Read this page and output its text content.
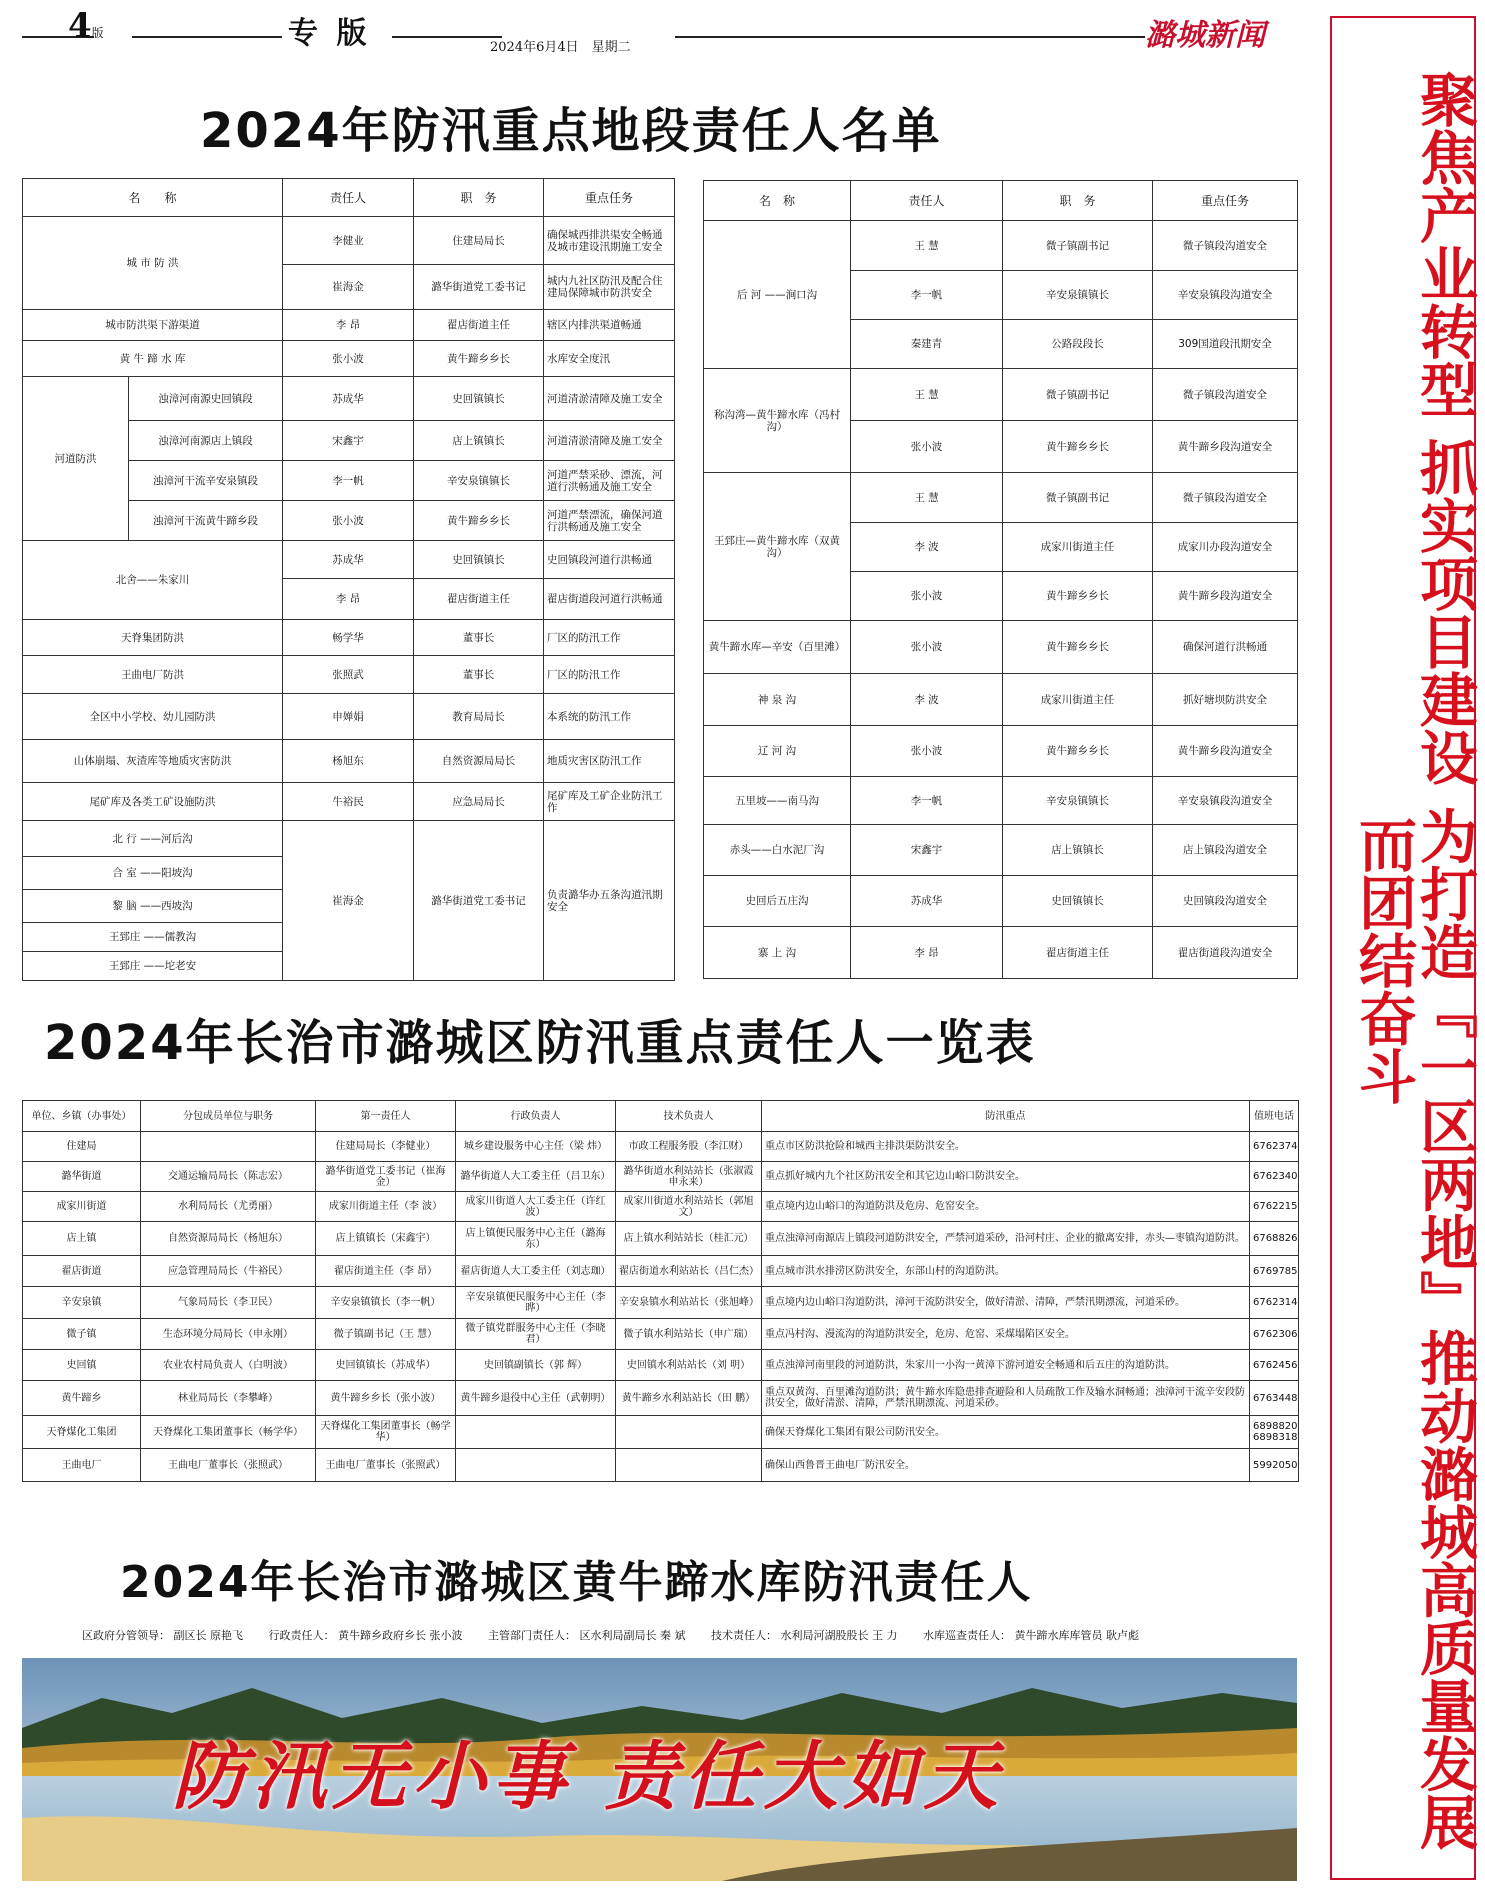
4版	专 版	2024年6月4日　星期二	潞城新闻
聚焦产业转型 抓实项目建设 为打造『一区两地』推动潞城高质量发展而团结奋斗
2024年防汛重点地段责任人名单
2024年长治市潞城区防汛重点责任人一览表
2024年长治市潞城区黄牛蹄水库防汛责任人
名　　称		责任人	职　务	重点任务
城 市 防 洪		李健业	住建局局长	确保城西排洪渠安全畅通及城市建设汛期施工安全
		崔海金	潞华街道党工委书记	城内九社区防汛及配合住建局保障城市防洪安全
城市防洪渠下游渠道		李 昂	翟店街道主任	辖区内排洪渠道畅通
黄 牛 蹄 水 库		张小波	黄牛蹄乡乡长	水库安全度汛
河道防洪	浊漳河南源史回镇段	苏成华	史回镇镇长	河道清淤清障及施工安全
	浊漳河南源店上镇段	宋鑫宇	店上镇镇长	河道清淤清障及施工安全
	浊漳河干流辛安泉镇段	李一帆	辛安泉镇镇长	河道严禁采砂、漂流，河道行洪畅通及施工安全
	浊漳河干流黄牛蹄乡段	张小波	黄牛蹄乡乡长	河道严禁漂流，确保河道行洪畅通及施工安全
北舍——朱家川		苏成华	史回镇镇长	史回镇段河道行洪畅通
		李 昂	翟店街道主任	翟店街道段河道行洪畅通
天脊集团防洪		畅学华	董事长	厂区的防汛工作
王曲电厂防洪		张照武	董事长	厂区的防汛工作
全区中小学校、幼儿园防洪		申婵娟	教育局局长	本系统的防汛工作
山体崩塌、灰渣库等地质灾害防洪		杨旭东	自然资源局局长	地质灾害区防汛工作
尾矿库及各类工矿设施防洪		牛裕民	应急局局长	尾矿库及工矿企业防汛工作
北 行 ——河后沟		崔海金	潞华街道党工委书记	负责潞华办五条沟道汛期安全
合 室 ——阳坡沟				
黎 脑 ——西坡沟				
王郅庄 ——儒教沟				
王郅庄 ——坨老安				
名　称	责任人	职　务	重点任务
后 河 ——涧口沟	王 慧	微子镇副书记	微子镇段沟道安全
	李一帆	辛安泉镇镇长	辛安泉镇段沟道安全
	秦建青	公路段段长	309国道段汛期安全
称沟湾—黄牛蹄水库（冯村沟）	王 慧	微子镇副书记	微子镇段沟道安全
	张小波	黄牛蹄乡乡长	黄牛蹄乡段沟道安全
王郅庄—黄牛蹄水库（双黄沟）	王 慧	微子镇副书记	微子镇段沟道安全
	李 波	成家川街道主任	成家川办段沟道安全
	张小波	黄牛蹄乡乡长	黄牛蹄乡段沟道安全
黄牛蹄水库—辛安（百里滩）	张小波	黄牛蹄乡乡长	确保河道行洪畅通
神 泉 沟	李 波	成家川街道主任	抓好塘坝防洪安全
辽 河 沟	张小波	黄牛蹄乡乡长	黄牛蹄乡段沟道安全
五里坡——南马沟	李一帆	辛安泉镇镇长	辛安泉镇段沟道安全
赤头——白水泥厂沟	宋鑫宇	店上镇镇长	店上镇段沟道安全
史回后五庄沟	苏成华	史回镇镇长	史回镇段沟道安全
寨 上 沟	李 昂	翟店街道主任	翟店街道段沟道安全
单位、乡镇（办事处）	分包成员单位与职务	第一责任人	行政负责人	技术负责人	防汛重点	值班电话
住建局		住建局局长（李健业）	城乡建设服务中心主任（梁 炜）	市政工程服务股（李江财）	重点市区防洪抢险和城西主排洪渠防洪安全。	6762374
潞华街道	交通运输局局长（陈志宏）	潞华街道党工委书记（崔海金）	潞华街道人大工委主任（吕卫东）	潞华街道水利站站长（张淑霞 申永来）	重点抓好城内九个社区防汛安全和其它边山峪口防洪安全。	6762340
成家川街道	水利局局长（尤勇丽）	成家川街道主任（李 波）	成家川街道人大工委主任（许红波）	成家川街道水利站站长（郭旭文）	重点境内边山峪口的沟道防洪及危房、危窑安全。	6762215
店上镇	自然资源局局长（杨旭东）	店上镇镇长（宋鑫宇）	店上镇便民服务中心主任（潞海东）	店上镇水利站站长（桂汇元）	重点浊漳河南源店上镇段河道防洪安全，严禁河道采砂，沿河村庄、企业的撤离安排，赤头—枣镇沟道防洪。	6768826
翟店街道	应急管理局局长（牛裕民）	翟店街道主任（李 昂）	翟店街道人大工委主任（刘志珈）	翟店街道水利站站长（吕仁杰）	重点城市洪水排涝区防洪安全，东部山村的沟道防洪。	6769785
辛安泉镇	气象局局长（李卫民）	辛安泉镇镇长（李一帆）	辛安泉镇便民服务中心主任（李 晔）	辛安泉镇水利站站长（张旭峰）	重点境内边山峪口沟道防洪，漳河干流防洪安全，做好清淤、清障，严禁汛期漂流，河道采砂。	6762314
微子镇	生态环境分局局长（申永刚）	微子镇副书记（王 慧）	微子镇党群服务中心主任（李晓君）	微子镇水利站站长（申广瑞）	重点冯村沟、漫流沟的沟道防洪安全，危房、危窑、采煤塌陷区安全。	6762306
史回镇	农业农村局负责人（白明波）	史回镇镇长（苏成华）	史回镇副镇长（郭 辉）	史回镇水利站站长（刘 明）	重点浊漳河南里段的河道防洪，朱家川一小沟一黄漳下游河道安全畅通和后五庄的沟道防洪。	6762456
黄牛蹄乡	林业局局长（李攀峰）	黄牛蹄乡乡长（张小波）	黄牛蹄乡退役中心主任（武朝明）	黄牛蹄乡水利站站长（田 鹏）	重点双黄沟、百里滩沟道防洪；黄牛蹄水库隐患排查避险和人员疏散工作及输水洞畅通；浊漳河干流辛安段防洪安全，做好清淤、清障，严禁汛期漂流、河道采砂。	6763448
天脊煤化工集团	天脊煤化工集团董事长（畅学华）	天脊煤化工集团董事长（畅学华）			确保天脊煤化工集团有限公司防汛安全。	6898820 6898318
王曲电厂	王曲电厂董事长（张照武）	王曲电厂董事长（张照武）			确保山西鲁晋王曲电厂防汛安全。	5992050
区政府分管领导： 副区长 原艳飞 行政责任人： 黄牛蹄乡政府乡长 张小波 主管部门责任人： 区水利局副局长 秦 斌 技术责任人： 水利局河湖股股长 王 力 水库巡查责任人： 黄牛蹄水库库管员 耿卢彪
防汛无小事 责任大如天
